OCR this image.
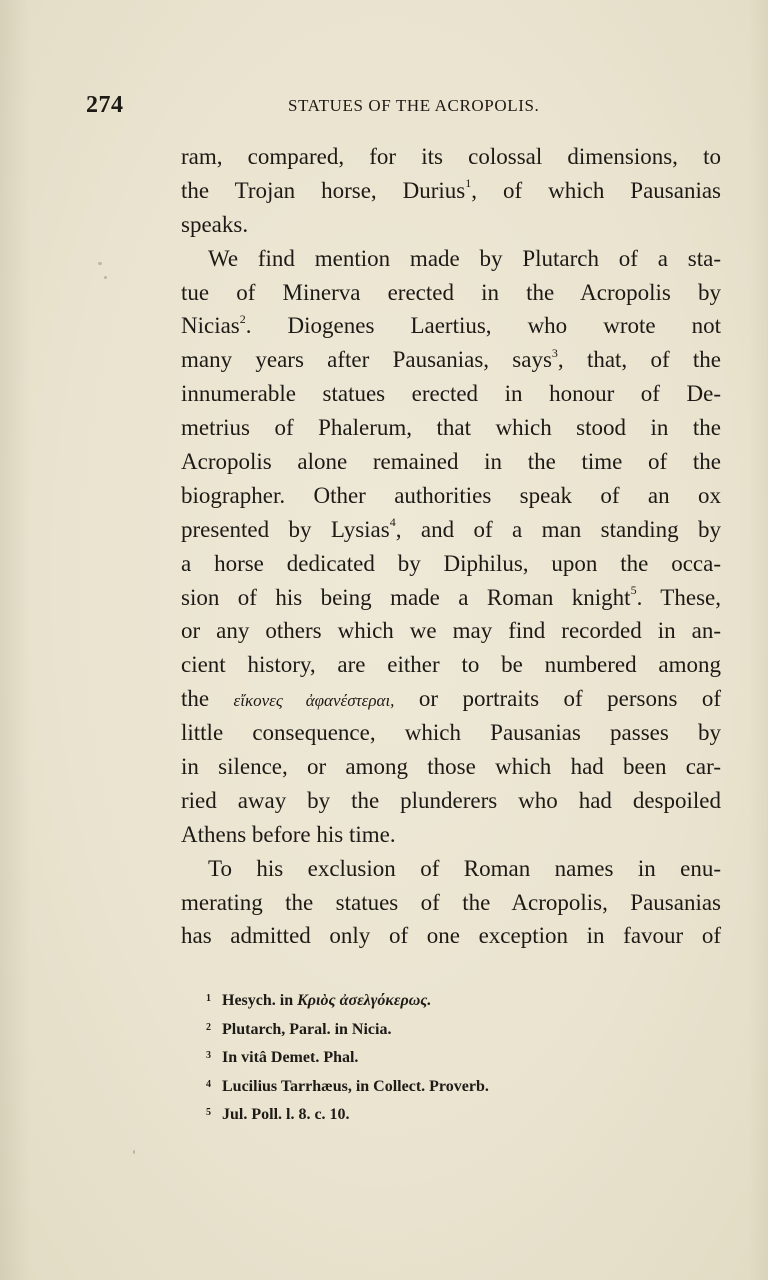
274	STATUES OF THE ACROPOLIS.
ram, compared, for its colossal dimensions, to
the Trojan horse, Durius$^1$, of which Pausanias
speaks.
We find mention made by Plutarch of a sta-
tue of Minerva erected in the Acropolis by
Nicias$^2$. Diogenes Laertius, who wrote not
many years after Pausanias, says$^3$, that, of the
innumerable statues erected in honour of De-
metrius of Phalerum, that which stood in the
Acropolis alone remained in the time of the
biographer. Other authorities speak of an ox
presented by Lysias$^4$, and of a man standing by
a horse dedicated by Diphilus, upon the occa-
sion of his being made a Roman knight$^5$. These,
or any others which we may find recorded in an-
cient history, are either to be numbered among
the εἴκονες ἀφανέστεραι, or portraits of persons of
little consequence, which Pausanias passes by
in silence, or among those which had been car-
ried away by the plunderers who had despoiled
Athens before his time.
To his exclusion of Roman names in enu-
merating the statues of the Acropolis, Pausanias
has admitted only of one exception in favour of
1 Hesych. in Κριὸς ἀσελγόκερως.
2 Plutarch, Paral. in Nicia.
3 In vitâ Demet. Phal.
4 Lucilius Tarrhæus, in Collect. Proverb.
5 Jul. Poll. l. 8. c. 10.
